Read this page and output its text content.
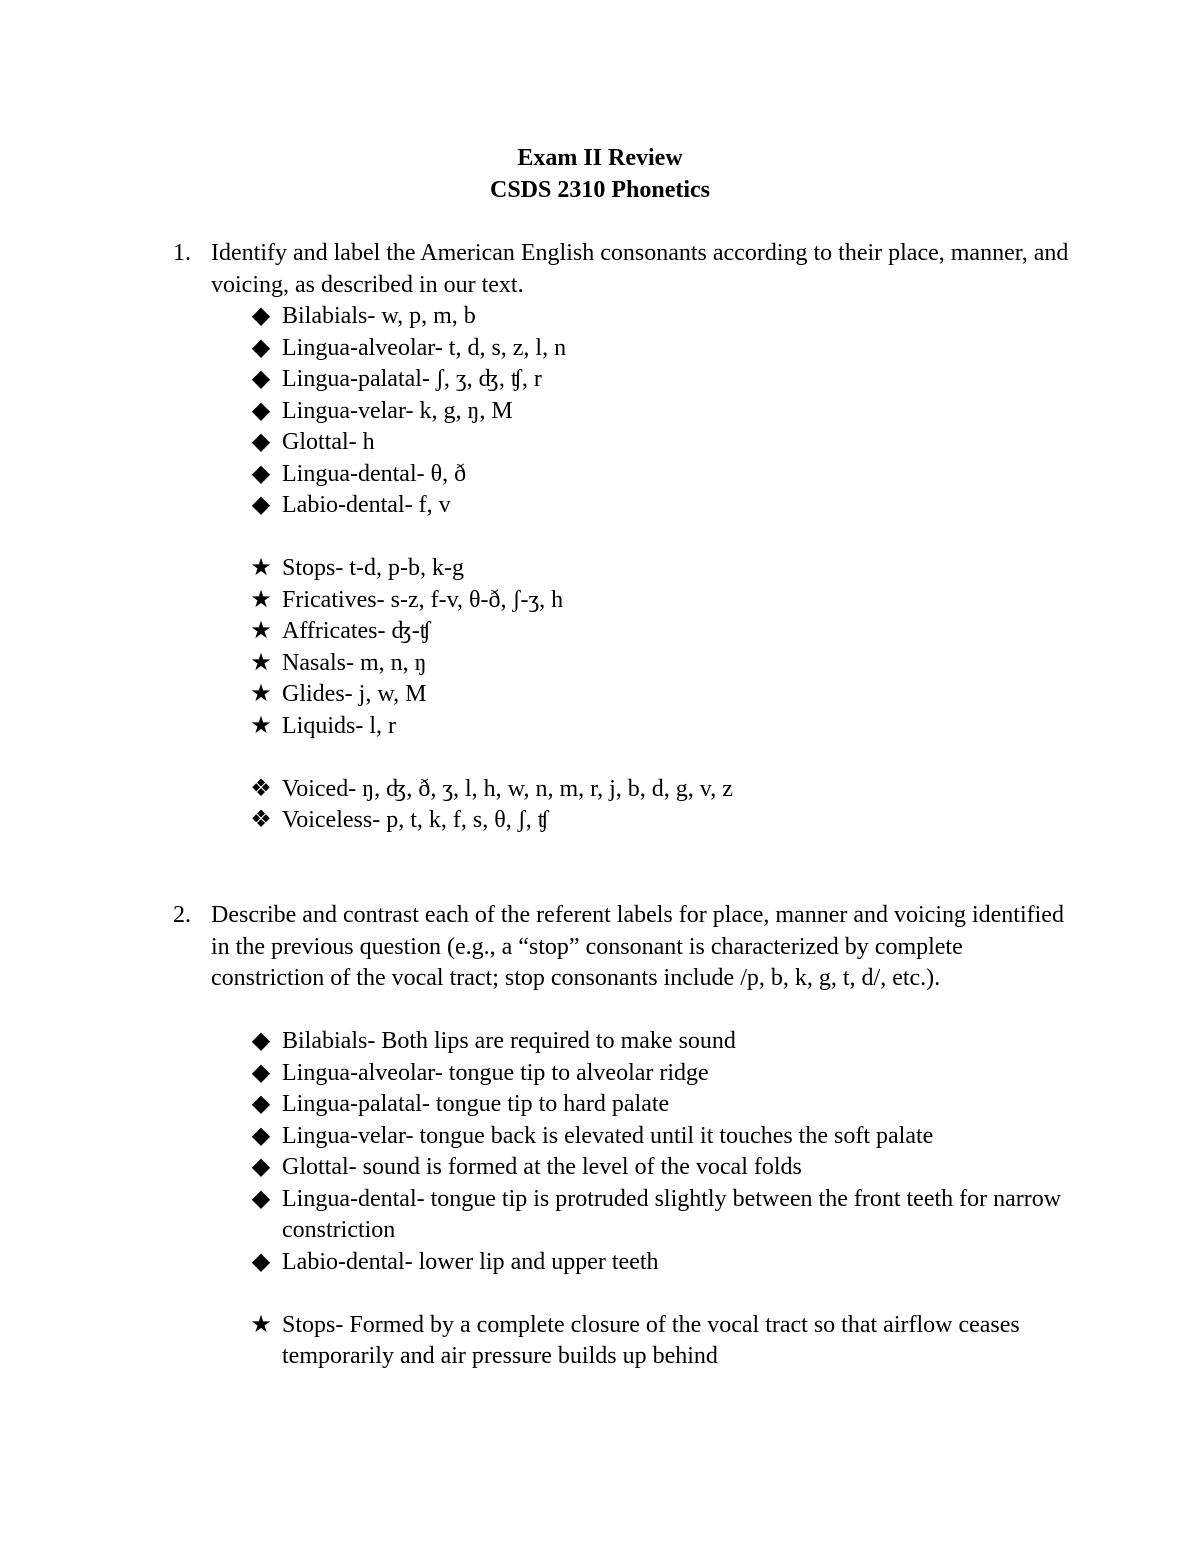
Exam II Review
CSDS 2310 Phonetics
1. Identify and label the American English consonants according to their place, manner, and voicing, as described in our text.
◆ Bilabials- w, p, m, b
◆ Lingua-alveolar- t, d, s, z, l, n
◆ Lingua-palatal- ʃ, ʒ, ʤ, ʧ, r
◆ Lingua-velar- k, g, ŋ, M
◆ Glottal- h
◆ Lingua-dental- θ, ð
◆ Labio-dental- f, v
★ Stops- t-d, p-b, k-g
★ Fricatives- s-z, f-v, θ-ð, ʃ-ʒ, h
★ Affricates- ʤ-ʧ
★ Nasals- m, n, ŋ
★ Glides- j, w, M
★ Liquids- l, r
❖ Voiced- ŋ, ʤ, ð, ʒ, l, h, w, n, m, r, j, b, d, g, v, z
❖ Voiceless- p, t, k, f, s, θ, ʃ, ʧ
2. Describe and contrast each of the referent labels for place, manner and voicing identified in the previous question (e.g., a “stop” consonant is characterized by complete constriction of the vocal tract; stop consonants include /p, b, k, g, t, d/, etc.).
◆ Bilabials- Both lips are required to make sound
◆ Lingua-alveolar- tongue tip to alveolar ridge
◆ Lingua-palatal- tongue tip to hard palate
◆ Lingua-velar- tongue back is elevated until it touches the soft palate
◆ Glottal- sound is formed at the level of the vocal folds
◆ Lingua-dental- tongue tip is protruded slightly between the front teeth for narrow constriction
◆ Labio-dental- lower lip and upper teeth
★ Stops- Formed by a complete closure of the vocal tract so that airflow ceases temporarily and air pressure builds up behind
